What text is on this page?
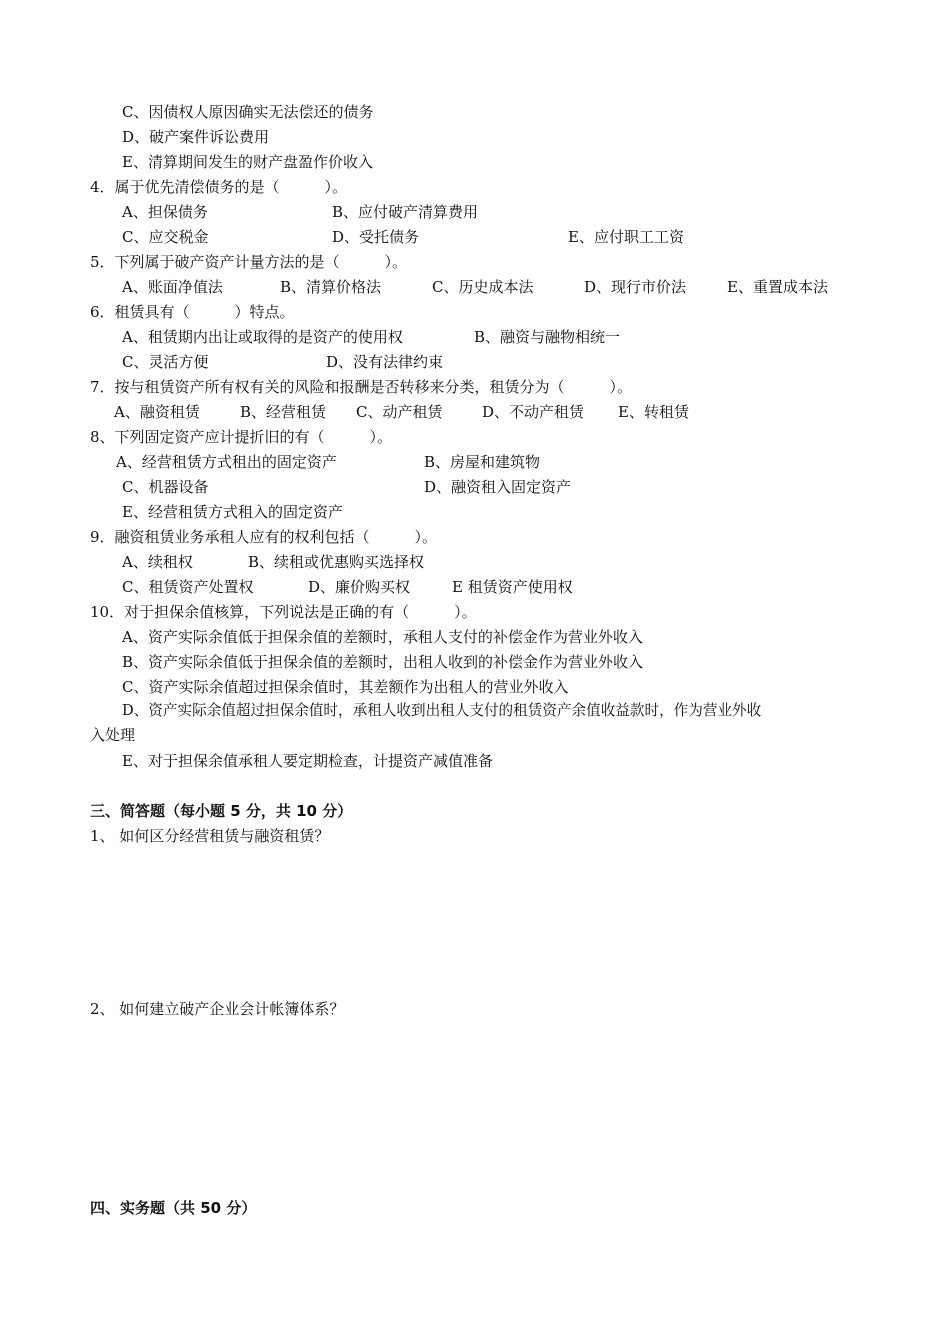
C、因债权人原因确实无法偿还的债务
D、破产案件诉讼费用
E、清算期间发生的财产盘盈作价收入
4．属于优先清偿债务的是（　　　）。
A、担保债务	B、应付破产清算费用
C、应交税金	D、受托债务	E、应付职工工资
5．下列属于破产资产计量方法的是（　　　）。
A、账面净值法	B、清算价格法	C、历史成本法	D、现行市价法	E、重置成本法
6．租赁具有（　　　）特点。
A、租赁期内出让或取得的是资产的使用权	B、融资与融物相统一
C、灵活方便	D、没有法律约束
7．按与租赁资产所有权有关的风险和报酬是否转移来分类，租赁分为（　　　）。
A、融资租赁	B、经营租赁 C、动产租赁	D、不动产租赁 E、转租赁
8、下列固定资产应计提折旧的有（　　　）。
A、经营租赁方式租出的固定资产	B、房屋和建筑物
C、机器设备	D、融资租入固定资产
E、经营租赁方式租入的固定资产
9．融资租赁业务承租人应有的权利包括（　　　）。
A、续租权	B、续租或优惠购买选择权
C、租赁资产处置权	D、廉价购买权	E 租赁资产使用权
10．对于担保余值核算，下列说法是正确的有（　　　）。
A、资产实际余值低于担保余值的差额时，承租人支付的补偿金作为营业外收入
B、资产实际余值低于担保余值的差额时，出租人收到的补偿金作为营业外收入
C、资产实际余值超过担保余值时，其差额作为出租人的营业外收入
D、资产实际余值超过担保余值时，承租人收到出租人支付的租赁资产余值收益款时，作为营业外收
入处理
E、对于担保余值承租人要定期检查，计提资产减值准备
三、简答题（每小题 5 分，共 10 分）
1、 如何区分经营租赁与融资租赁？
2、 如何建立破产企业会计帐簿体系？
四、实务题（共 50 分）
